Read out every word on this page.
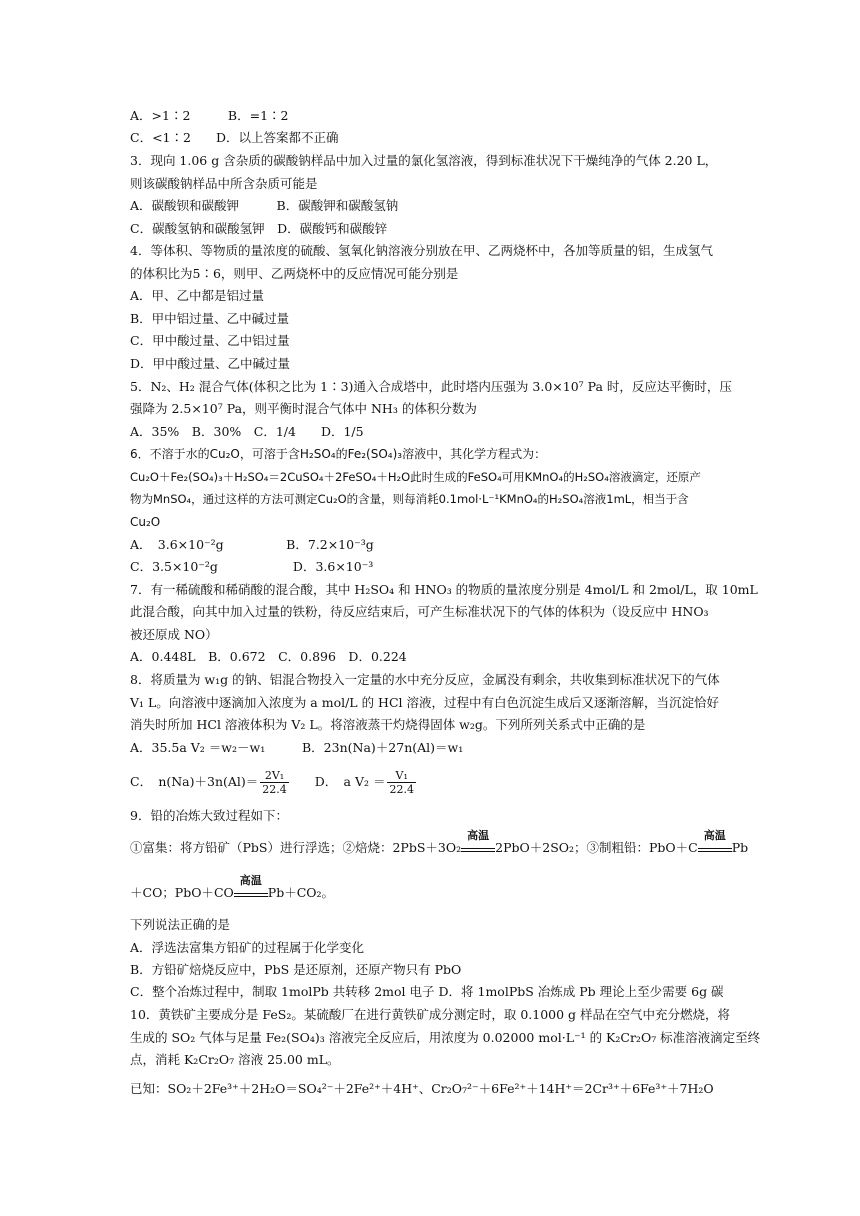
A．>1∶2　　　B．=1∶2
C．<1∶2　　D．以上答案都不正确
3．现向 1.06 g 含杂质的碳酸钠样品中加入过量的氯化氢溶液，得到标准状况下干燥纯净的气体 2.20 L，
则该碳酸钠样品中所含杂质可能是
A．碳酸钡和碳酸钾　　　B．碳酸钾和碳酸氢钠
C．碳酸氢钠和碳酸氢钾　D．碳酸钙和碳酸锌
4．等体积、等物质的量浓度的硫酸、氢氧化钠溶液分别放在甲、乙两烧杯中，各加等质量的铝，生成氢气
的体积比为5∶6，则甲、乙两烧杯中的反应情况可能分别是
A．甲、乙中都是铝过量
B．甲中铝过量、乙中碱过量
C．甲中酸过量、乙中铝过量
D．甲中酸过量、乙中碱过量
5．N₂、H₂ 混合气体(体积之比为 1∶3)通入合成塔中，此时塔内压强为 3.0×10⁷ Pa 时，反应达平衡时，压
强降为 2.5×10⁷ Pa，则平衡时混合气体中 NH₃ 的体积分数为
A．35%　B．30%　C．1/4　　D．1/5
6．不溶于水的Cu₂O，可溶于含H₂SO₄的Fe₂(SO₄)₃溶液中，其化学方程式为：
Cu₂O＋Fe₂(SO₄)₃＋H₂SO₄＝2CuSO₄＋2FeSO₄＋H₂O此时生成的FeSO₄可用KMnO₄的H₂SO₄溶液滴定，还原产
物为MnSO₄，通过这样的方法可测定Cu₂O的含量，则每消耗0.1mol·L⁻¹KMnO₄的H₂SO₄溶液1mL，相当于含
Cu₂O
A．　3.6×10⁻²g　　　　　B．7.2×10⁻³g
C．3.5×10⁻²g　　　　　　D．3.6×10⁻³
7．有一稀硫酸和稀硝酸的混合酸，其中 H₂SO₄ 和 HNO₃ 的物质的量浓度分别是 4mol/L 和 2mol/L，取 10mL
此混合酸，向其中加入过量的铁粉，待反应结束后，可产生标准状况下的气体的体积为（设反应中 HNO₃
被还原成 NO）
A．0.448L　B．0.672　C．0.896　D．0.224
8．将质量为 w₁g 的钠、铝混合物投入一定量的水中充分反应，金属没有剩余，共收集到标准状况下的气体
V₁ L。向溶液中逐滴加入浓度为 a mol/L 的 HCl 溶液，过程中有白色沉淀生成后又逐渐溶解，当沉淀恰好
消失时所加 HCl 溶液体积为 V₂ L。将溶液蒸干灼烧得固体 w₂g。下列所列关系式中正确的是
A．35.5a V₂ ＝w₂－w₁	B．23n(Na)＋27n(Al)＝w₁
C．　$n(Na)+3n(Al)= \frac{\text{2V₁}}{22.4}$ D．　a $V_2 = \frac{\text{V₁}}{22.4}$
9．铅的冶炼大致过程如下：
①富集：将方铅矿（PbS）进行浮选；②焙烧：2PbS＋3O₂
高温
2PbO＋2SO₂；③制粗铅：PbO＋C
高温
Pb
＋CO；PbO＋CO
高温
Pb＋CO₂。
下列说法正确的是
A．浮选法富集方铅矿的过程属于化学变化
B．方铅矿焙烧反应中，PbS 是还原剂，还原产物只有 PbO
C．整个冶炼过程中，制取 1molPb 共转移 2mol 电子 D．将 1molPbS 冶炼成 Pb 理论上至少需要 6g 碳
10．黄铁矿主要成分是 FeS₂。某硫酸厂在进行黄铁矿成分测定时，取 0.1000 g 样品在空气中充分燃烧，将
生成的 SO₂ 气体与足量 Fe₂(SO₄)₃ 溶液完全反应后，用浓度为 0.02000 mol·L⁻¹ 的 K₂Cr₂O₇ 标准溶液滴定至终
点，消耗 K₂Cr₂O₇ 溶液 25.00 mL。
已知：SO₂＋2Fe³⁺＋2H₂O＝SO₄²⁻＋2Fe²⁺＋4H⁺、Cr₂O₇²⁻＋6Fe²⁺＋14H⁺＝2Cr³⁺＋6Fe³⁺＋7H₂O
